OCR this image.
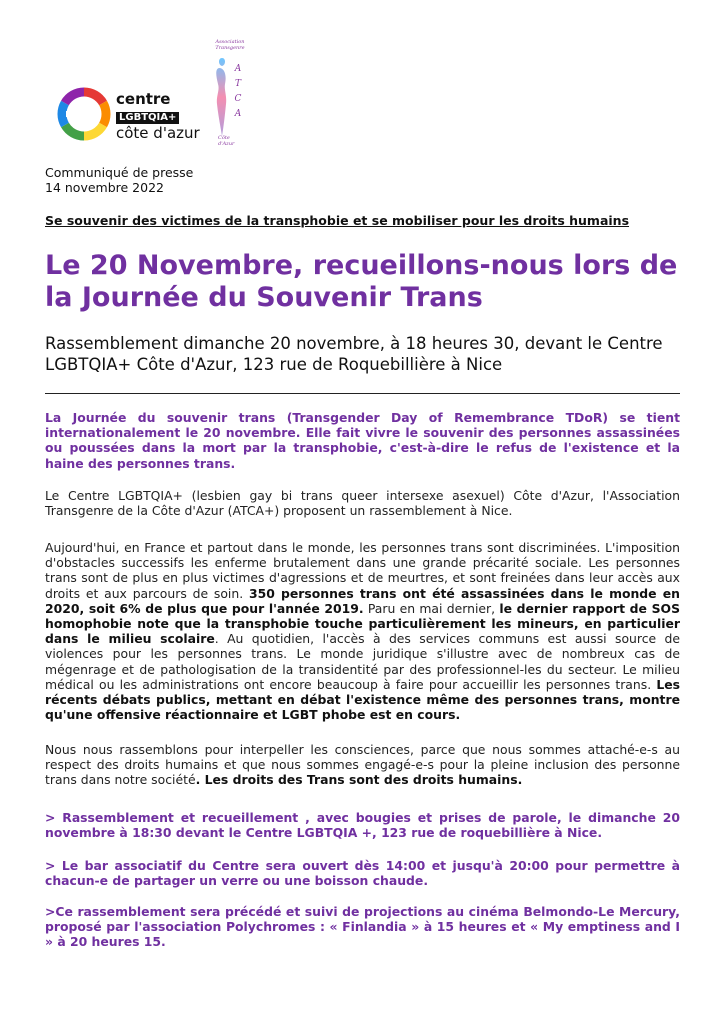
centre
LGBTQIA+
côte d'azur
Association
Transgenre
A
T
C
A
Côte
d'Azur
Communiqué de presse
14 novembre 2022
Se souvenir des victimes de la transphobie et se mobiliser pour les droits humains
Le 20 Novembre, recueillons-nous lors de la Journée du Souvenir Trans
Rassemblement dimanche 20 novembre, à 18 heures 30, devant le Centre LGBTQIA+ Côte d'Azur, 123 rue de Roquebillière à Nice
La Journée du souvenir trans (Transgender Day of Remembrance TDoR) se tient internationalement le 20 novembre. Elle fait vivre le souvenir des personnes assassinées ou poussées dans la mort par la transphobie, c'est-à-dire le refus de l'existence et la haine des personnes trans.
Le Centre LGBTQIA+ (lesbien gay bi trans queer intersexe asexuel) Côte d'Azur, l'Association Transgenre de la Côte d'Azur (ATCA+) proposent un rassemblement à Nice.
Aujourd'hui, en France et partout dans le monde, les personnes trans sont discriminées. L'imposition d'obstacles successifs les enferme brutalement dans une grande précarité sociale. Les personnes trans sont de plus en plus victimes d'agressions et de meurtres, et sont freinées dans leur accès aux droits et aux parcours de soin. 350 personnes trans ont été assassinées dans le monde en 2020, soit 6% de plus que pour l'année 2019. Paru en mai dernier, le dernier rapport de SOS homophobie note que la transphobie touche particulièrement les mineurs, en particulier dans le milieu scolaire. Au quotidien, l'accès à des services communs est aussi source de violences pour les personnes trans. Le monde juridique s'illustre avec de nombreux cas de mégenrage et de pathologisation de la transidentité par des professionnel-les du secteur. Le milieu médical ou les administrations ont encore beaucoup à faire pour accueillir les personnes trans. Les récents débats publics, mettant en débat l'existence même des personnes trans, montre qu'une offensive réactionnaire et LGBT phobe est en cours.
Nous nous rassemblons pour interpeller les consciences, parce que nous sommes attaché-e-s au respect des droits humains et que nous sommes engagé-e-s pour la pleine inclusion des personne trans dans notre société. Les droits des Trans sont des droits humains.
> Rassemblement et recueillement , avec bougies et prises de parole, le dimanche 20 novembre à 18:30 devant le Centre LGBTQIA +, 123 rue de roquebillière à Nice.
> Le bar associatif du Centre sera ouvert dès 14:00 et jusqu'à 20:00 pour permettre à chacun-e de partager un verre ou une boisson chaude.
>Ce rassemblement sera précédé et suivi de projections au cinéma Belmondo-Le Mercury, proposé par l'association Polychromes : « Finlandia » à 15 heures et « My emptiness and I » à 20 heures 15.
